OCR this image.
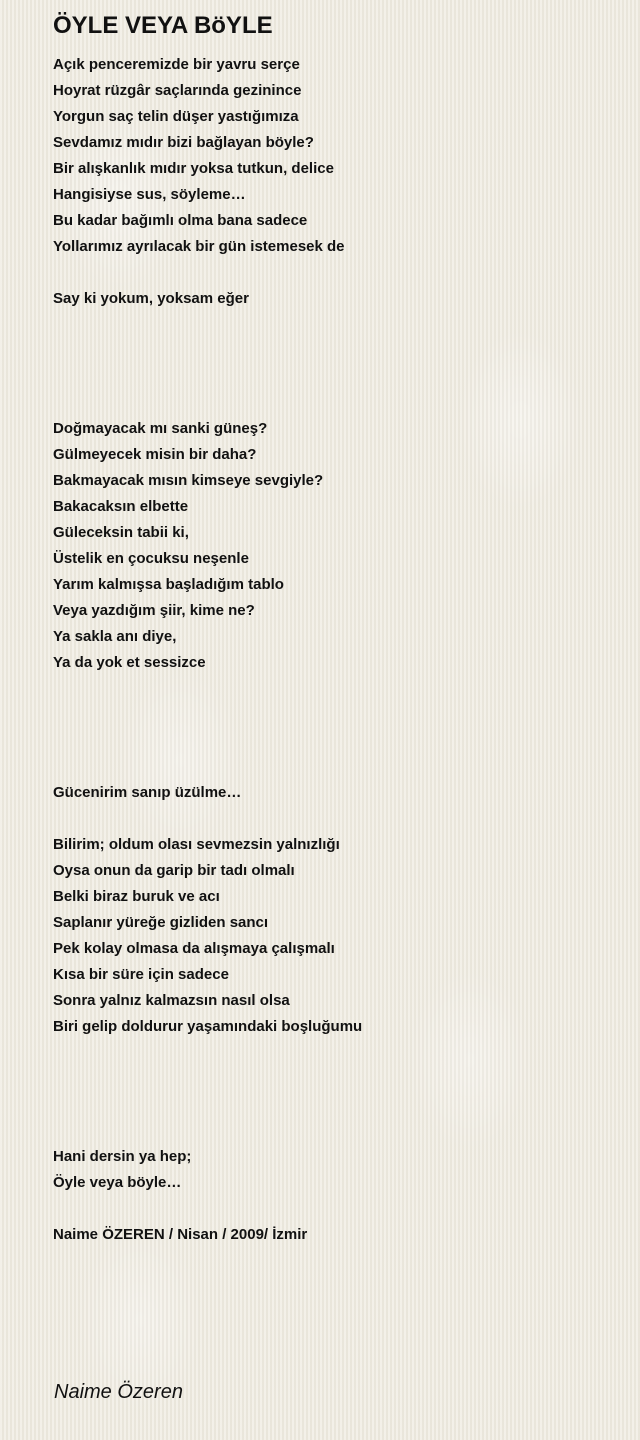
ÖYLE VEYA BöYLE
Açık penceremizde bir yavru serçe
Hoyrat rüzgâr saçlarında gezinince
Yorgun saç telin düşer yastığımıza
Sevdamız mıdır bizi bağlayan böyle?
Bir alışkanlık mıdır yoksa tutkun, delice
Hangisiyse sus, söyleme…
Bu kadar bağımlı olma bana sadece
Yollarımız ayrılacak bir gün istemesek de
Say ki yokum, yoksam eğer
Doğmayacak mı sanki güneş?
Gülmeyecek misin bir daha?
Bakmayacak mısın kimseye sevgiyle?
Bakacaksın elbette
Güleceksin tabii ki,
Üstelik en çocuksu neşenle
Yarım kalmışsa başladığım tablo
Veya yazdığım şiir, kime ne?
Ya sakla anı diye,
Ya da yok et sessizce
Gücenirim sanıp üzülme…
Bilirim; oldum olası sevmezsin yalnızlığı
Oysa onun da garip bir tadı olmalı
Belki biraz buruk ve acı
Saplanır yüreğe gizliden sancı
Pek kolay olmasa da alışmaya çalışmalı
Kısa bir süre için sadece
Sonra yalnız kalmazsın nasıl olsa
Biri gelip doldurur yaşamındaki boşluğumu
Hani dersin ya hep;
Öyle veya böyle…
Naime ÖZEREN / Nisan / 2009/ İzmir
Naime Özeren
